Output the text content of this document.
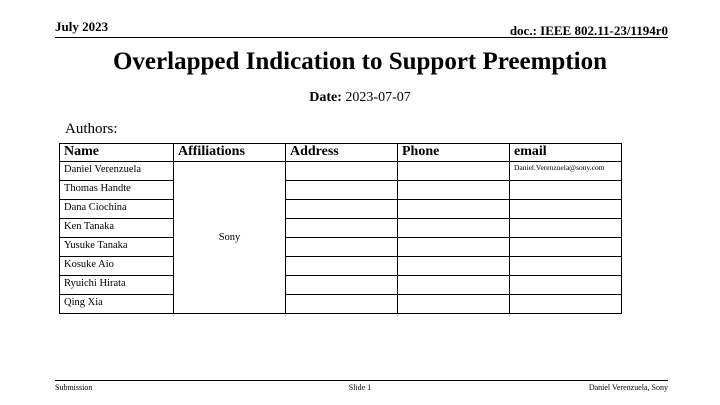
July 2023	doc.: IEEE 802.11-23/1194r0
Overlapped Indication to Support Preemption
Date: 2023-07-07
Authors:
Name	Affiliations	Address	Phone	email
Daniel Verenzuela	Sony			Daniel.Verenzuela@sony.com
Thomas Handte				
Dana Ciochina				
Ken Tanaka				
Yusuke Tanaka				
Kosuke Aio				
Ryuichi Hirata				
Qing Xia				
Submission	Slide 1	Daniel Verenzuela, Sony
